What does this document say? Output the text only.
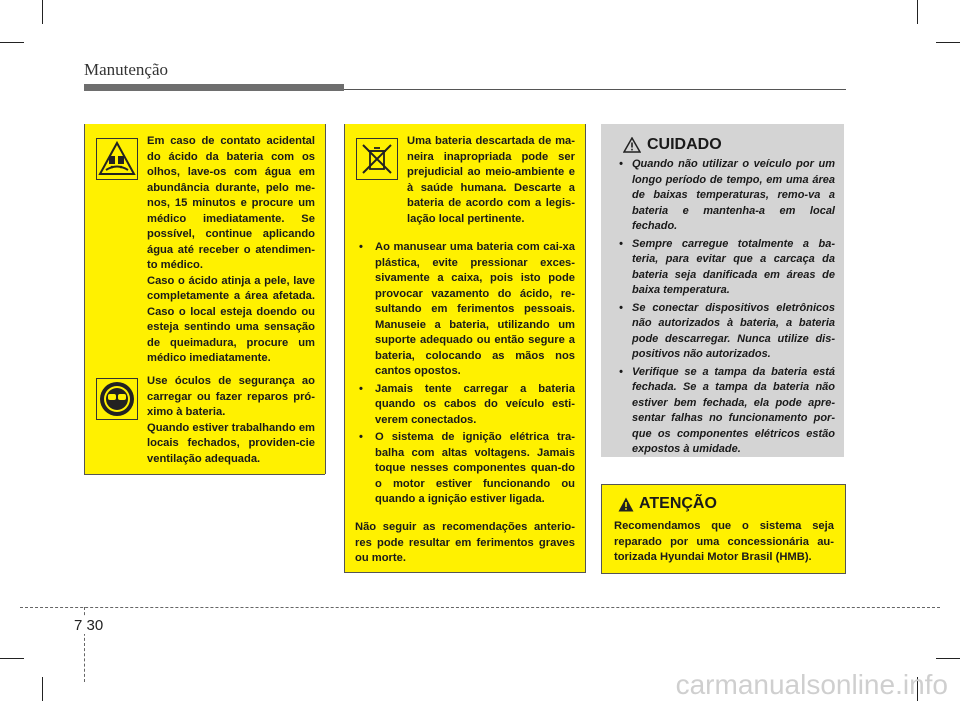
Manutenção

Em caso de contato acidental do ácido da bateria com os olhos, lave-os com água em abundância durante, pelo me-nos, 15 minutos e procure um médico imediatamente. Se possível, continue aplicando água até receber o atendimen-to médico.

Caso o ácido atinja a pele, lave completamente a área afetada. Caso o local esteja doendo ou esteja sentindo uma sensação de queimadura, procure um médico imediatamente.

Use óculos de segurança ao carregar ou fazer reparos pró-ximo à bateria.

Quando estiver trabalhando em locais fechados, providen-cie ventilação adequada.

Uma bateria descartada de ma-neira inapropriada pode ser prejudicial ao meio-ambiente e à saúde humana. Descarte a bateria de acordo com a legis-lação local pertinente.

• Ao manusear uma bateria com cai-xa plástica, evite pressionar exces-sivamente a caixa, pois isto pode provocar vazamento do ácido, re-sultando em ferimentos pessoais. Manuseie a bateria, utilizando um suporte adequado ou então segure a bateria, colocando as mãos nos cantos opostos.
• Jamais tente carregar a bateria quando os cabos do veículo esti-verem conectados.
• O sistema de ignição elétrica tra-balha com altas voltagens. Jamais toque nesses componentes quan-do o motor estiver funcionando ou quando a ignição estiver ligada.

Não seguir as recomendações anterio-res pode resultar em ferimentos graves ou morte.

CUIDADO
• Quando não utilizar o veículo por um longo período de tempo, em uma área de baixas temperaturas, remo-va a bateria e mantenha-a em local fechado.
• Sempre carregue totalmente a ba-teria, para evitar que a carcaça da bateria seja danificada em áreas de baixa temperatura.
• Se conectar dispositivos eletrônicos não autorizados à bateria, a bateria pode descarregar. Nunca utilize dis-positivos não autorizados.
• Verifique se a tampa da bateria está fechada. Se a tampa da bateria não estiver bem fechada, ela pode apre-sentar falhas no funcionamento por-que os componentes elétricos estão expostos à umidade.
ATENÇÃO
Recomendamos que o sistema seja reparado por uma concessionária au-torizada Hyundai Motor Brasil (HMB).
7 30
carmanualsonline.info
